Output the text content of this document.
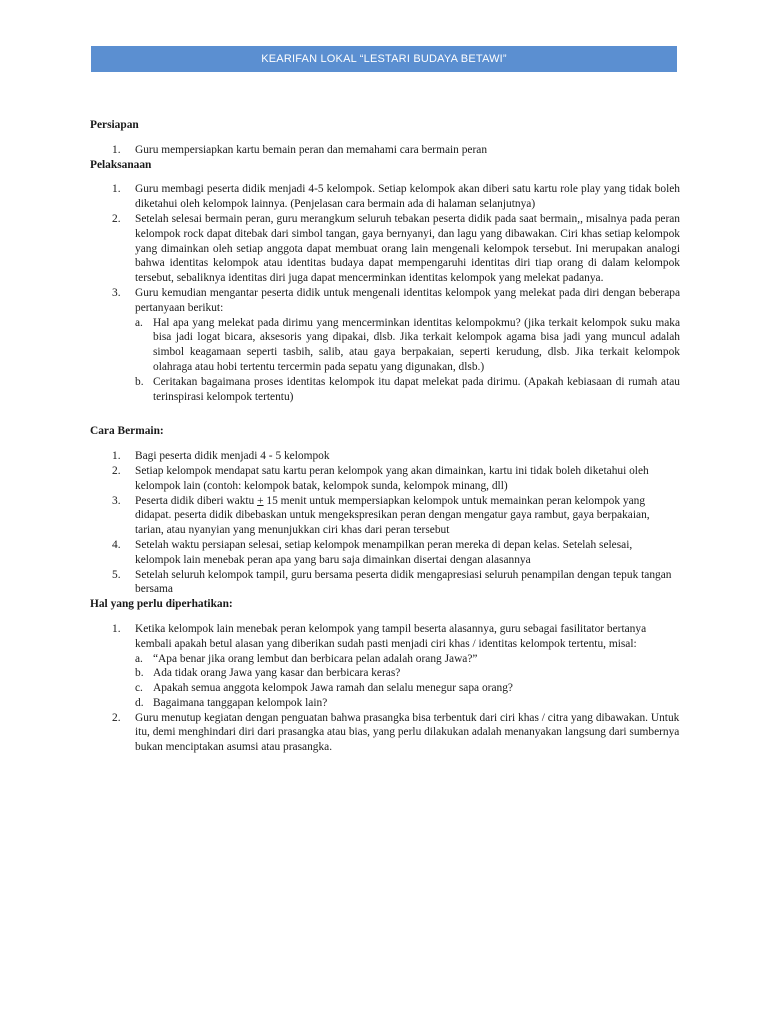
KEARIFAN LOKAL “LESTARI BUDAYA BETAWI”

Persiapan

1. Guru mempersiapkan kartu bemain peran dan memahami cara bermain peran

Pelaksanaan

1. Guru membagi peserta didik menjadi 4-5 kelompok. Setiap kelompok akan diberi satu kartu role play yang tidak boleh diketahui oleh kelompok lainnya. (Penjelasan cara bermain ada di halaman selanjutnya)
2. Setelah selesai bermain peran, guru merangkum seluruh tebakan peserta didik pada saat bermain,, misalnya pada peran kelompok rock dapat ditebak dari simbol tangan, gaya bernyanyi, dan lagu yang dibawakan. Ciri khas setiap kelompok yang dimainkan oleh setiap anggota dapat membuat orang lain mengenali kelompok tersebut. Ini merupakan analogi bahwa identitas kelompok atau identitas budaya dapat mempengaruhi identitas diri tiap orang di dalam kelompok tersebut, sebaliknya identitas diri juga dapat mencerminkan identitas kelompok yang melekat padanya.
3. Guru kemudian mengantar peserta didik untuk mengenali identitas kelompok yang melekat pada diri dengan beberapa pertanyaan berikut:
a. Hal apa yang melekat pada dirimu yang mencerminkan identitas kelompokmu? (jika terkait kelompok suku maka bisa jadi logat bicara, aksesoris yang dipakai, dlsb. Jika terkait kelompok agama bisa jadi yang muncul adalah simbol keagamaan seperti tasbih, salib, atau gaya berpakaian, seperti kerudung, dlsb. Jika terkait kelompok olahraga atau hobi tertentu tercermin pada sepatu yang digunakan, dlsb.)
b. Ceritakan bagaimana proses identitas kelompok itu dapat melekat pada dirimu. (Apakah kebiasaan di rumah atau terinspirasi kelompok tertentu)

Cara Bermain:

1. Bagi peserta didik menjadi 4 - 5 kelompok
2. Setiap kelompok mendapat satu kartu peran kelompok yang akan dimainkan, kartu ini tidak boleh diketahui oleh kelompok lain (contoh: kelompok batak, kelompok sunda, kelompok minang, dll)
3. Peserta didik diberi waktu + 15 menit untuk mempersiapkan kelompok untuk memainkan peran kelompok yang didapat. peserta didik dibebaskan untuk mengekspresikan peran dengan mengatur gaya rambut, gaya berpakaian, tarian, atau nyanyian yang menunjukkan ciri khas dari peran tersebut
4. Setelah waktu persiapan selesai, setiap kelompok menampilkan peran mereka di depan kelas. Setelah selesai, kelompok lain menebak peran apa yang baru saja dimainkan disertai dengan alasannya
5. Setelah seluruh kelompok tampil, guru bersama peserta didik mengapresiasi seluruh penampilan dengan tepuk tangan bersama

Hal yang perlu diperhatikan:

1. Ketika kelompok lain menebak peran kelompok yang tampil beserta alasannya, guru sebagai fasilitator bertanya kembali apakah betul alasan yang diberikan sudah pasti menjadi ciri khas / identitas kelompok tertentu, misal:
a. “Apa benar jika orang lembut dan berbicara pelan adalah orang Jawa?”
b. Ada tidak orang Jawa yang kasar dan berbicara keras?
c. Apakah semua anggota kelompok Jawa ramah dan selalu menegur sapa orang?
d. Bagaimana tanggapan kelompok lain?
2. Guru menutup kegiatan dengan penguatan bahwa prasangka bisa terbentuk dari ciri khas / citra yang dibawakan. Untuk itu, demi menghindari diri dari prasangka atau bias, yang perlu dilakukan adalah menanyakan langsung dari sumbernya bukan menciptakan asumsi atau prasangka.
